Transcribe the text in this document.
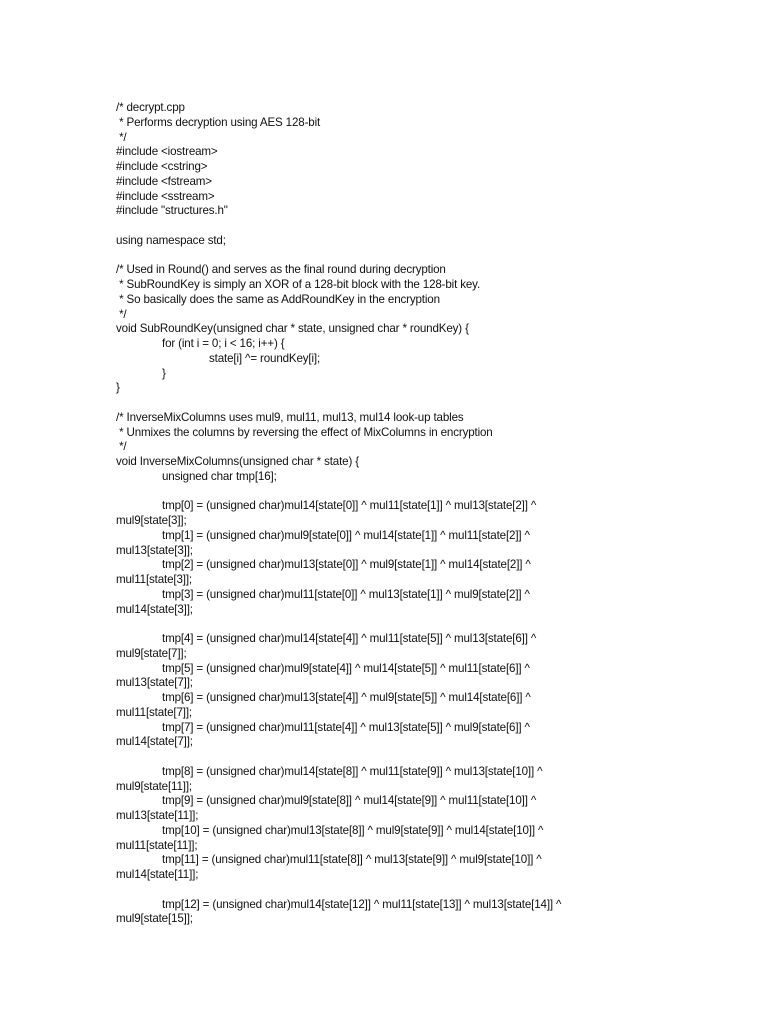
/* decrypt.cpp
* Performs decryption using AES 128-bit
*/
#include <iostream>
#include <cstring>
#include <fstream>
#include <sstream>
#include "structures.h"
using namespace std;
/* Used in Round() and serves as the final round during decryption
* SubRoundKey is simply an XOR of a 128-bit block with the 128-bit key.
* So basically does the same as AddRoundKey in the encryption
*/
void SubRoundKey(unsigned char * state, unsigned char * roundKey) {
for (int i = 0; i < 16; i++) {
state[i] ^= roundKey[i];
}
}
/* InverseMixColumns uses mul9, mul11, mul13, mul14 look-up tables
* Unmixes the columns by reversing the effect of MixColumns in encryption
*/
void InverseMixColumns(unsigned char * state) {
unsigned char tmp[16];
tmp[0] = (unsigned char)mul14[state[0]] ^ mul11[state[1]] ^ mul13[state[2]] ^
mul9[state[3]];
tmp[1] = (unsigned char)mul9[state[0]] ^ mul14[state[1]] ^ mul11[state[2]] ^
mul13[state[3]];
tmp[2] = (unsigned char)mul13[state[0]] ^ mul9[state[1]] ^ mul14[state[2]] ^
mul11[state[3]];
tmp[3] = (unsigned char)mul11[state[0]] ^ mul13[state[1]] ^ mul9[state[2]] ^
mul14[state[3]];
tmp[4] = (unsigned char)mul14[state[4]] ^ mul11[state[5]] ^ mul13[state[6]] ^
mul9[state[7]];
tmp[5] = (unsigned char)mul9[state[4]] ^ mul14[state[5]] ^ mul11[state[6]] ^
mul13[state[7]];
tmp[6] = (unsigned char)mul13[state[4]] ^ mul9[state[5]] ^ mul14[state[6]] ^
mul11[state[7]];
tmp[7] = (unsigned char)mul11[state[4]] ^ mul13[state[5]] ^ mul9[state[6]] ^
mul14[state[7]];
tmp[8] = (unsigned char)mul14[state[8]] ^ mul11[state[9]] ^ mul13[state[10]] ^
mul9[state[11]];
tmp[9] = (unsigned char)mul9[state[8]] ^ mul14[state[9]] ^ mul11[state[10]] ^
mul13[state[11]];
tmp[10] = (unsigned char)mul13[state[8]] ^ mul9[state[9]] ^ mul14[state[10]] ^
mul11[state[11]];
tmp[11] = (unsigned char)mul11[state[8]] ^ mul13[state[9]] ^ mul9[state[10]] ^
mul14[state[11]];
tmp[12] = (unsigned char)mul14[state[12]] ^ mul11[state[13]] ^ mul13[state[14]] ^
mul9[state[15]];
